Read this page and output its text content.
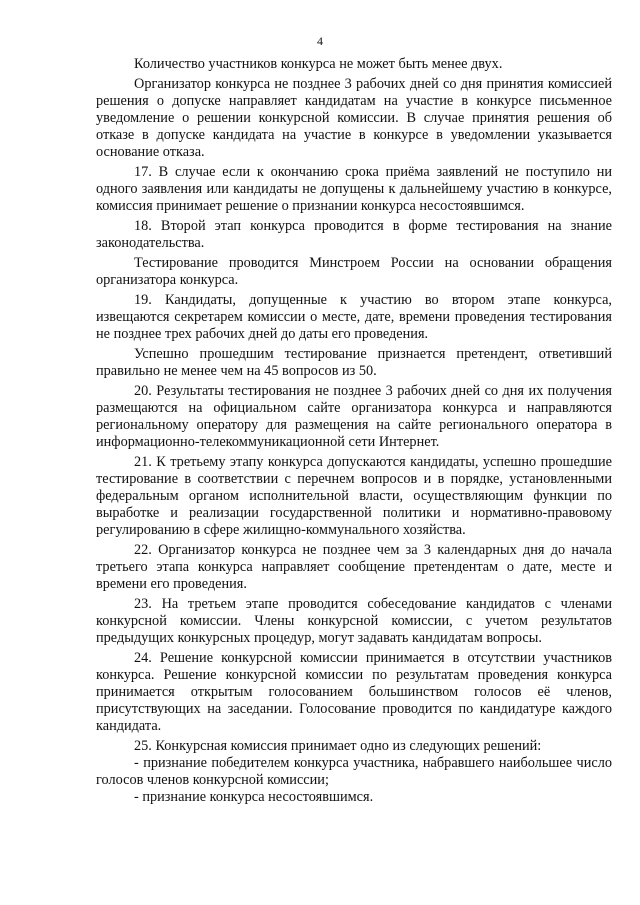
4

Количество участников конкурса не может быть менее двух.

Организатор конкурса не позднее 3 рабочих дней со дня принятия комиссией решения о допуске направляет кандидатам на участие в конкурсе письменное уведомление о решении конкурсной комиссии. В случае принятия решения об отказе в допуске кандидата на участие в конкурсе в уведомлении указывается основание отказа.

17. В случае если к окончанию срока приёма заявлений не поступило ни одного заявления или кандидаты не допущены к дальнейшему участию в конкурсе, комиссия принимает решение о признании конкурса несостоявшимся.

18. Второй этап конкурса проводится в форме тестирования на знание законодательства.

Тестирование проводится Минстроем России на основании обращения организатора конкурса.

19. Кандидаты, допущенные к участию во втором этапе конкурса, извещаются секретарем комиссии о месте, дате, времени проведения тестирования не позднее трех рабочих дней до даты его проведения.

Успешно прошедшим тестирование признается претендент, ответивший правильно не менее чем на 45 вопросов из 50.

20. Результаты тестирования не позднее 3 рабочих дней со дня их получения размещаются на официальном сайте организатора конкурса и направляются региональному оператору для размещения на сайте регионального оператора в информационно-телекоммуникационной сети Интернет.

21. К третьему этапу конкурса допускаются кандидаты, успешно прошедшие тестирование в соответствии с перечнем вопросов и в порядке, установленными федеральным органом исполнительной власти, осуществляющим функции по выработке и реализации государственной политики и нормативно-правовому регулированию в сфере жилищно-коммунального хозяйства.

22. Организатор конкурса не позднее чем за 3 календарных дня до начала третьего этапа конкурса направляет сообщение претендентам о дате, месте и времени его проведения.

23. На третьем этапе проводится собеседование кандидатов с членами конкурсной комиссии. Члены конкурсной комиссии, с учетом результатов предыдущих конкурсных процедур, могут задавать кандидатам вопросы.

24. Решение конкурсной комиссии принимается в отсутствии участников конкурса. Решение конкурсной комиссии по результатам проведения конкурса принимается открытым голосованием большинством голосов её членов, присутствующих на заседании. Голосование проводится по кандидатуре каждого кандидата.

25. Конкурсная комиссия принимает одно из следующих решений:

- признание победителем конкурса участника, набравшего наибольшее число голосов членов конкурсной комиссии;

- признание конкурса несостоявшимся.
